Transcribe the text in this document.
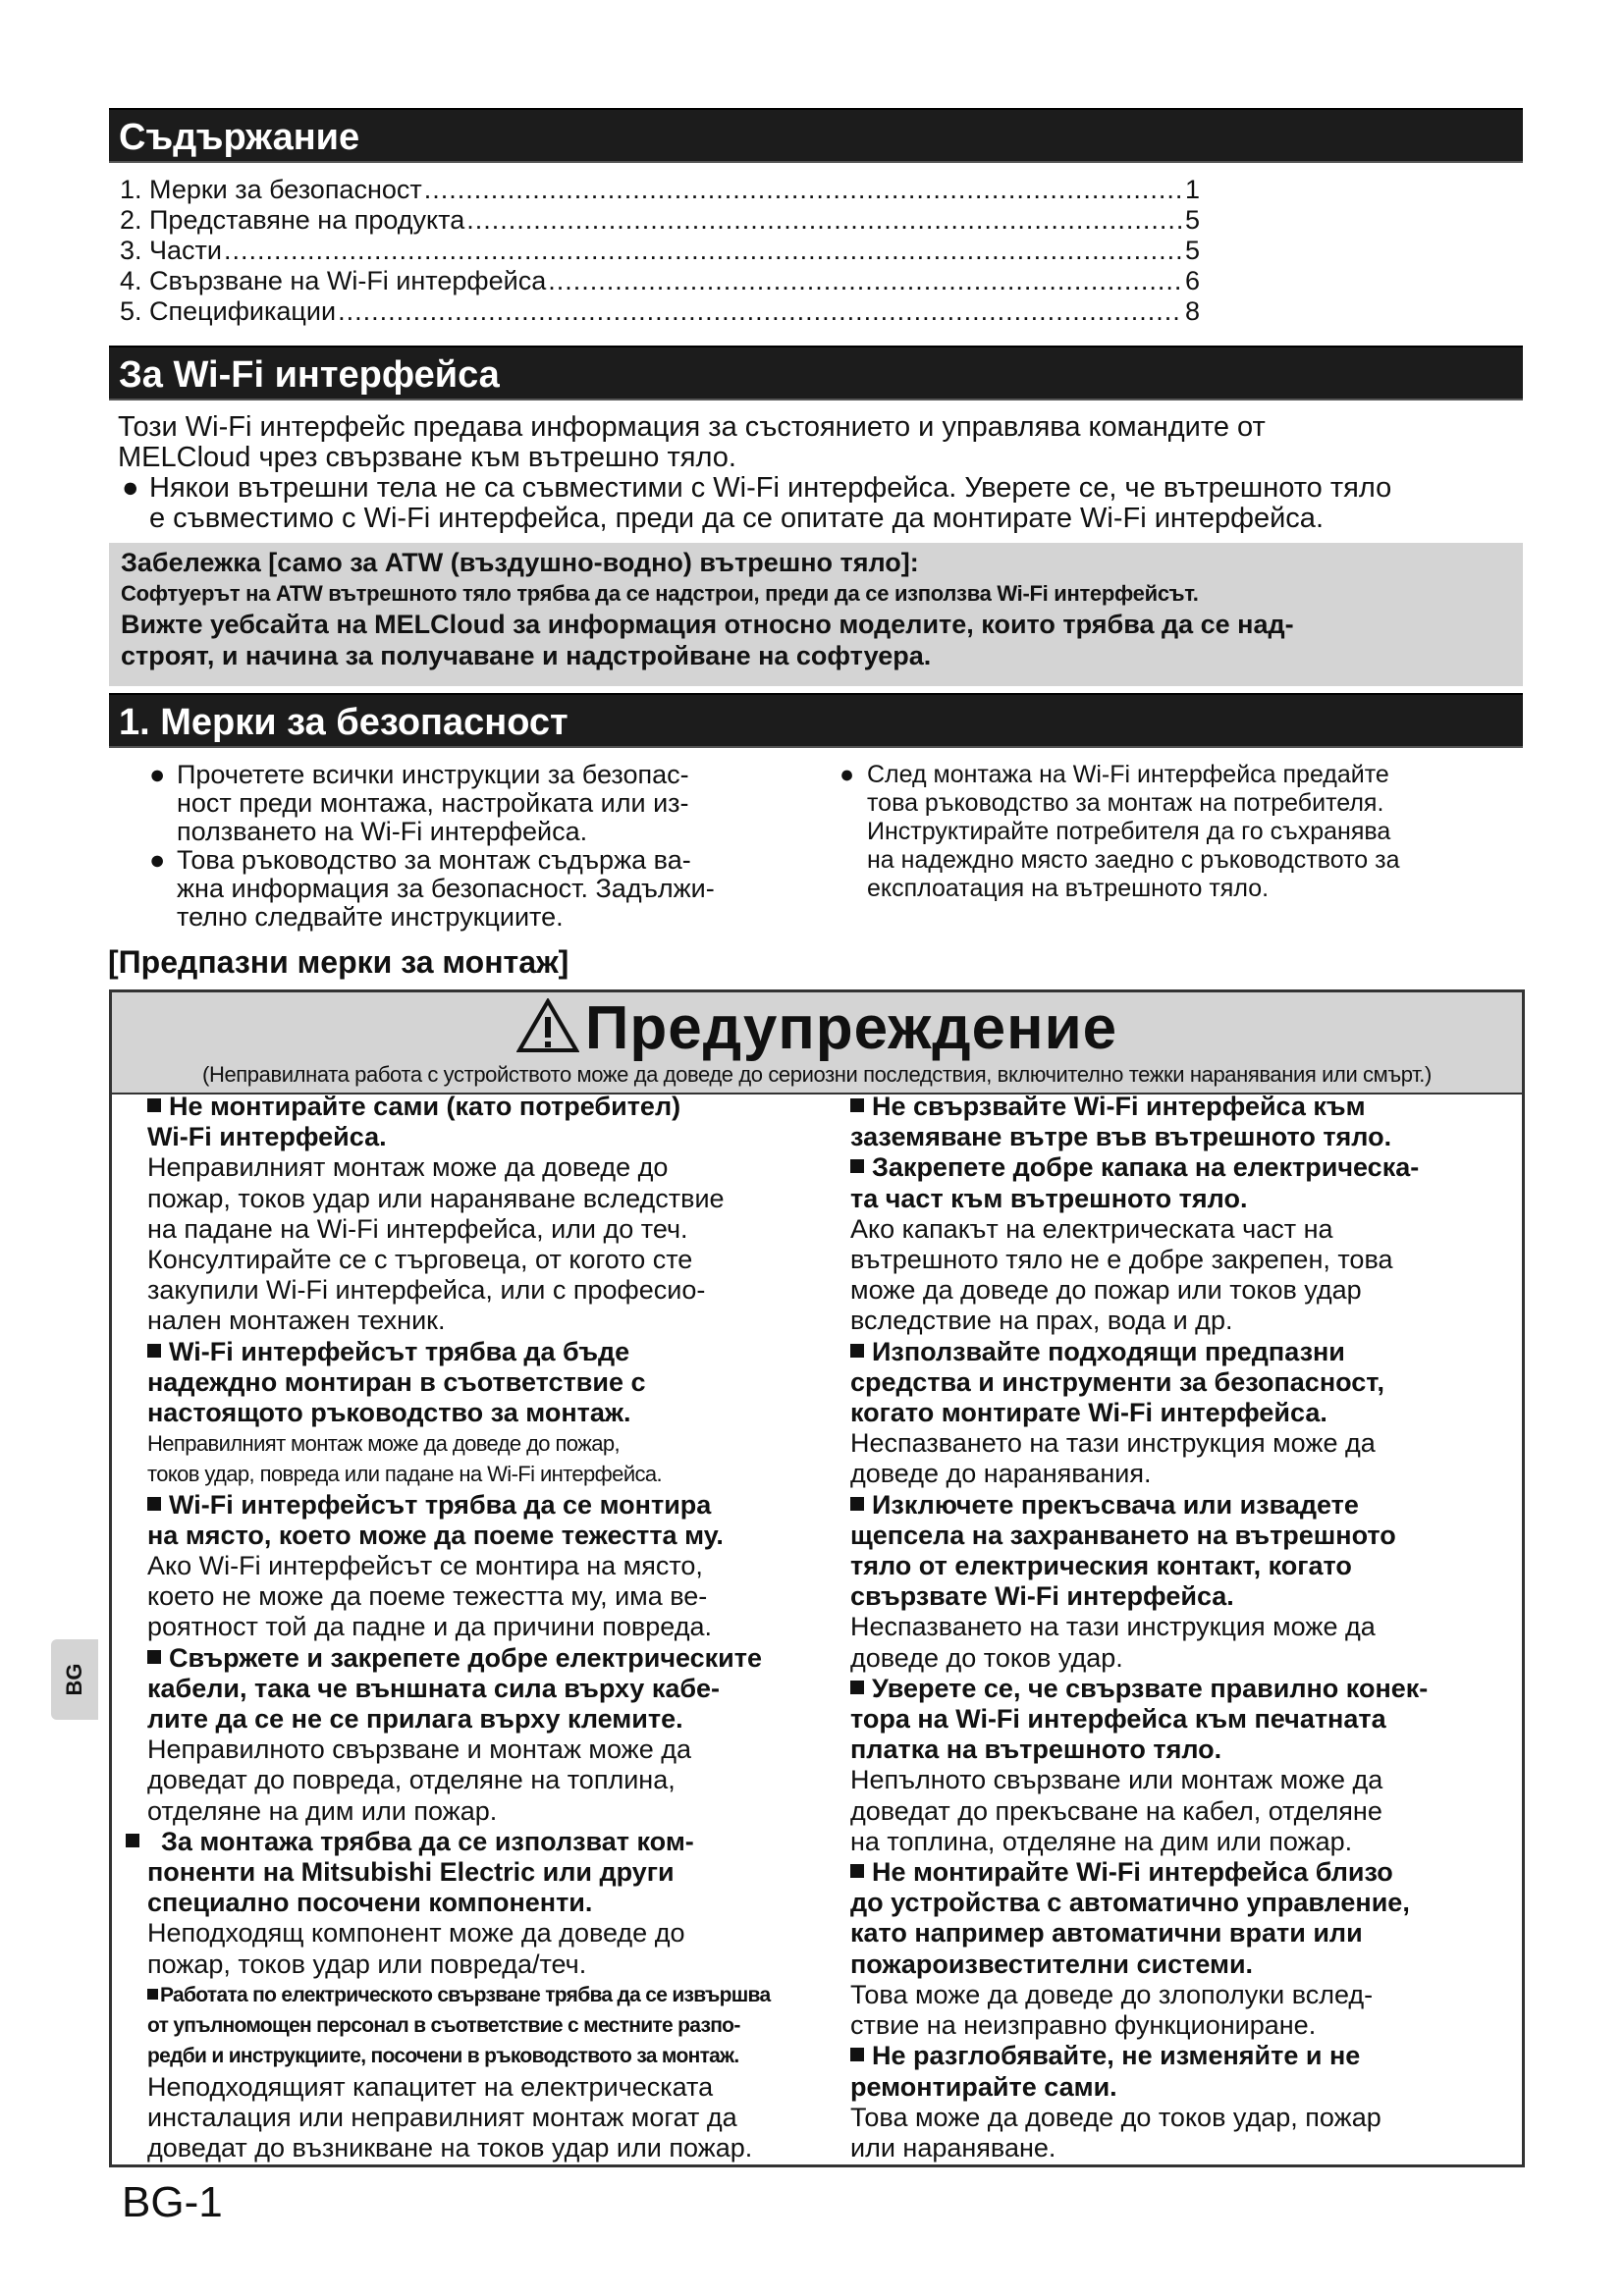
Съдържание
1. Мерки за безопасност .....	1
2. Представяне на продукта .....	5
3. Части .....	5
4. Свързване на Wi-Fi интерфейса .....	6
5. Спецификации .....	8
За Wi-Fi интерфейса

Този Wi-Fi интерфейс предава информация за състоянието и управлява командите от

MELCloud чрез свързване към вътрешно тяло.

● Някои вътрешни тела не са съвместими с Wi-Fi интерфейса. Уверете се, че вътрешното тяло
е съвместимо с Wi-Fi интерфейса, преди да се опитате да монтирате Wi-Fi интерфейса.
Забележка [само за ATW (въздушно-водно) вътрешно тяло]:
Софтуерът на ATW вътрешното тяло трябва да се надстрои, преди да се използва Wi-Fi интерфейсът.
Вижте уебсайта на MELCloud за информация относно моделите, които трябва да се над-
строят, и начина за получаване и надстройване на софтуера.
1. Мерки за безопасност
● Прочетете всички инструкции за безопас-
ност преди монтажа, настройката или из-
ползването на Wi-Fi интерфейса.
● Това ръководство за монтаж съдържа ва-
жна информация за безопасност. Задължи-
телно следвайте инструкциите.
● След монтажа на Wi-Fi интерфейса предайте
това ръководство за монтаж на потребителя.
Инструктирайте потребителя да го съхранява
на надеждно място заедно с ръководството за
експлоатация на вътрешното тяло.
[Предпазни мерки за монтаж]
Предупреждение
(Неправилната работа с устройството може да доведе до сериозни последствия, включително тежки наранявания или смърт.)
Не монтирайте сами (като потребител)
Wi-Fi интерфейса.
Неправилният монтаж може да доведе до
пожар, токов удар или нараняване вследствие
на падане на Wi-Fi интерфейса, или до теч.
Консултирайте се с търговеца, от когото сте
закупили Wi-Fi интерфейса, или с професио-
нален монтажен техник.
Wi-Fi интерфейсът трябва да бъде
надеждно монтиран в съответствие с
настоящото ръководство за монтаж.
Неправилният монтаж може да доведе до пожар,
токов удар, повреда или падане на Wi-Fi интерфейса.
Wi-Fi интерфейсът трябва да се монтира
на място, което може да поеме тежестта му.
Ако Wi-Fi интерфейсът се монтира на място,
което не може да поеме тежестта му, има ве-
роятност той да падне и да причини повреда.
Свържете и закрепете добре електрическите
кабели, така че външната сила върху кабе-
лите да се не се прилага върху клемите.
Неправилното свързване и монтаж може да
доведат до повреда, отделяне на топлина,
отделяне на дим или пожар.
За монтажа трябва да се използват ком-
поненти на Mitsubishi Electric или други
специално посочени компоненти.
Неподходящ компонент може да доведе до
пожар, токов удар или повреда/теч.
Работата по електрическото свързване трябва да се извършва
от упълномощен персонал в съответствие с местните разпо-
редби и инструкциите, посочени в ръководството за монтаж.
Неподходящият капацитет на електрическата
инсталация или неправилният монтаж могат да
доведат до възникване на токов удар или пожар.
Не свързвайте Wi-Fi интерфейса към
заземяване вътре във вътрешното тяло.
Закрепете добре капака на електрическа-
та част към вътрешното тяло.
Ако капакът на електрическата част на
вътрешното тяло не е добре закрепен, това
може да доведе до пожар или токов удар
вследствие на прах, вода и др.
Използвайте подходящи предпазни
средства и инструменти за безопасност,
когато монтирате Wi-Fi интерфейса.
Неспазването на тази инструкция може да
доведе до наранявания.
Изключете прекъсвача или извадете
щепсела на захранването на вътрешното
тяло от електрическия контакт, когато
свързвате Wi-Fi интерфейса.
Неспазването на тази инструкция може да
доведе до токов удар.
Уверете се, че свързвате правилно конек-
тора на Wi-Fi интерфейса към печатната
платка на вътрешното тяло.
Непълното свързване или монтаж може да
доведат до прекъсване на кабел, отделяне
на топлина, отделяне на дим или пожар.
Не монтирайте Wi-Fi интерфейса близо
до устройства с автоматично управление,
като например автоматични врати или
пожароизвестителни системи.
Това може да доведе до злополуки вслед-
ствие на неизправно функциониране.
Не разглобявайте, не изменяйте и не
ремонтирайте сами.
Това може да доведе до токов удар, пожар
или нараняване.
BG
BG-1
